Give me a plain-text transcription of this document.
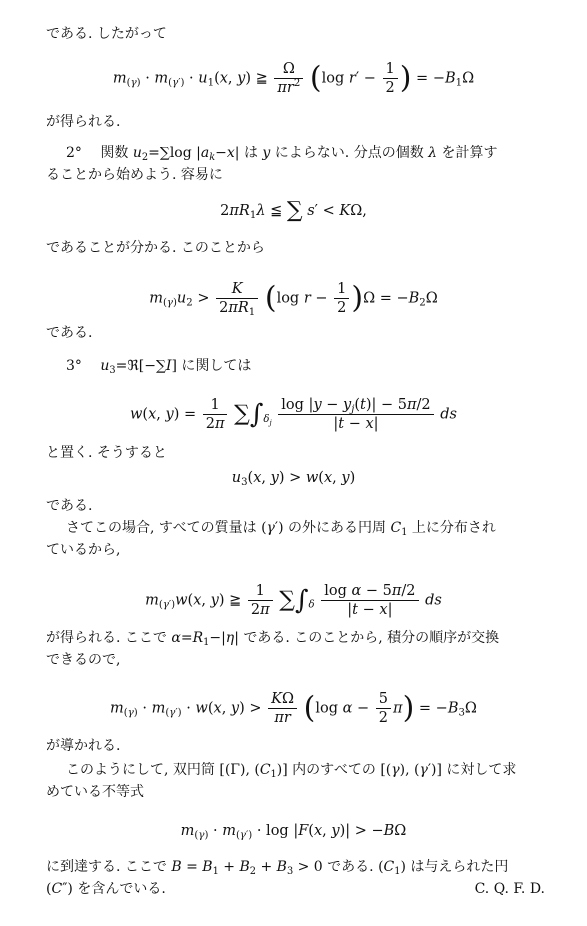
である. したがって
$m_{(\gamma)} \cdot m_{(\gamma')} \cdot u_1(x$, y) ≧ $\frac{\Omega}{\pi r^2} (\log$ $r' - \frac{1}{2}$ ) = $-B_1\Omega$
が得られる.
2°　 関数 $u_2=\sum\log$ $|a_k-x|$ は y によらない. 分点の個数 λ を計算す
ることから始めよう. 容易に
$2\pi R_1\lambda$ ≦ ∑ s′ < KΩ,
であることが分かる. このことから
$m_{(\gamma)}u_2 > \frac{K}{2\pi R_1} (\log$ $r - \frac{1}{2} )\Omega = -B_2\Omega$
である.
3°　 $u_3=ℜ[-\sum I]$ に関しては
w(x, $y) = \frac{1}{2\pi} \sum\int_{\delta_j} \frac{\log |y - y_j(t)| - 5\pi/2}{|t - x|}$ ds
と置く. そうすると
$u_3(x$, y) > w(x, y)
である.
さてこの場合, すべての質量は (γ′) の外にある円周 $C_1$ 上に分布され
ているから,
$m_{(\gamma')}w(x$, y) ≧ $\frac{1}{2\pi} \sum\int_\delta \frac{\text{log α − 5π/2}}{|t - x|}$ ds
が得られる. ここで $\alpha=R_1-|\eta|$ である. このことから, 積分の順序が交換
できるので,
$m_{(\gamma)} \cdot m_{(\gamma')} \cdot w(x$, $y) > \frac{K\Omega}{\pi r} (\log$ $\alpha - \frac{5}{2} \pi) = -B_3\Omega$
が導かれる.
このようにして, 双円筒 [(Γ), $(C_1)$] 内のすべての [(γ), (γ′)] に対して求
めている不等式
$m_{(\gamma)} \cdot m_{(\gamma')} \cdot \log |F(x$, y)| > −BΩ
に到達する. ここで $B = B_1 + B_2 + B_3 > 0$ である. $(C_1)$ は与えられた円
(C″) を含んでいる.	C. Q. F. D.
